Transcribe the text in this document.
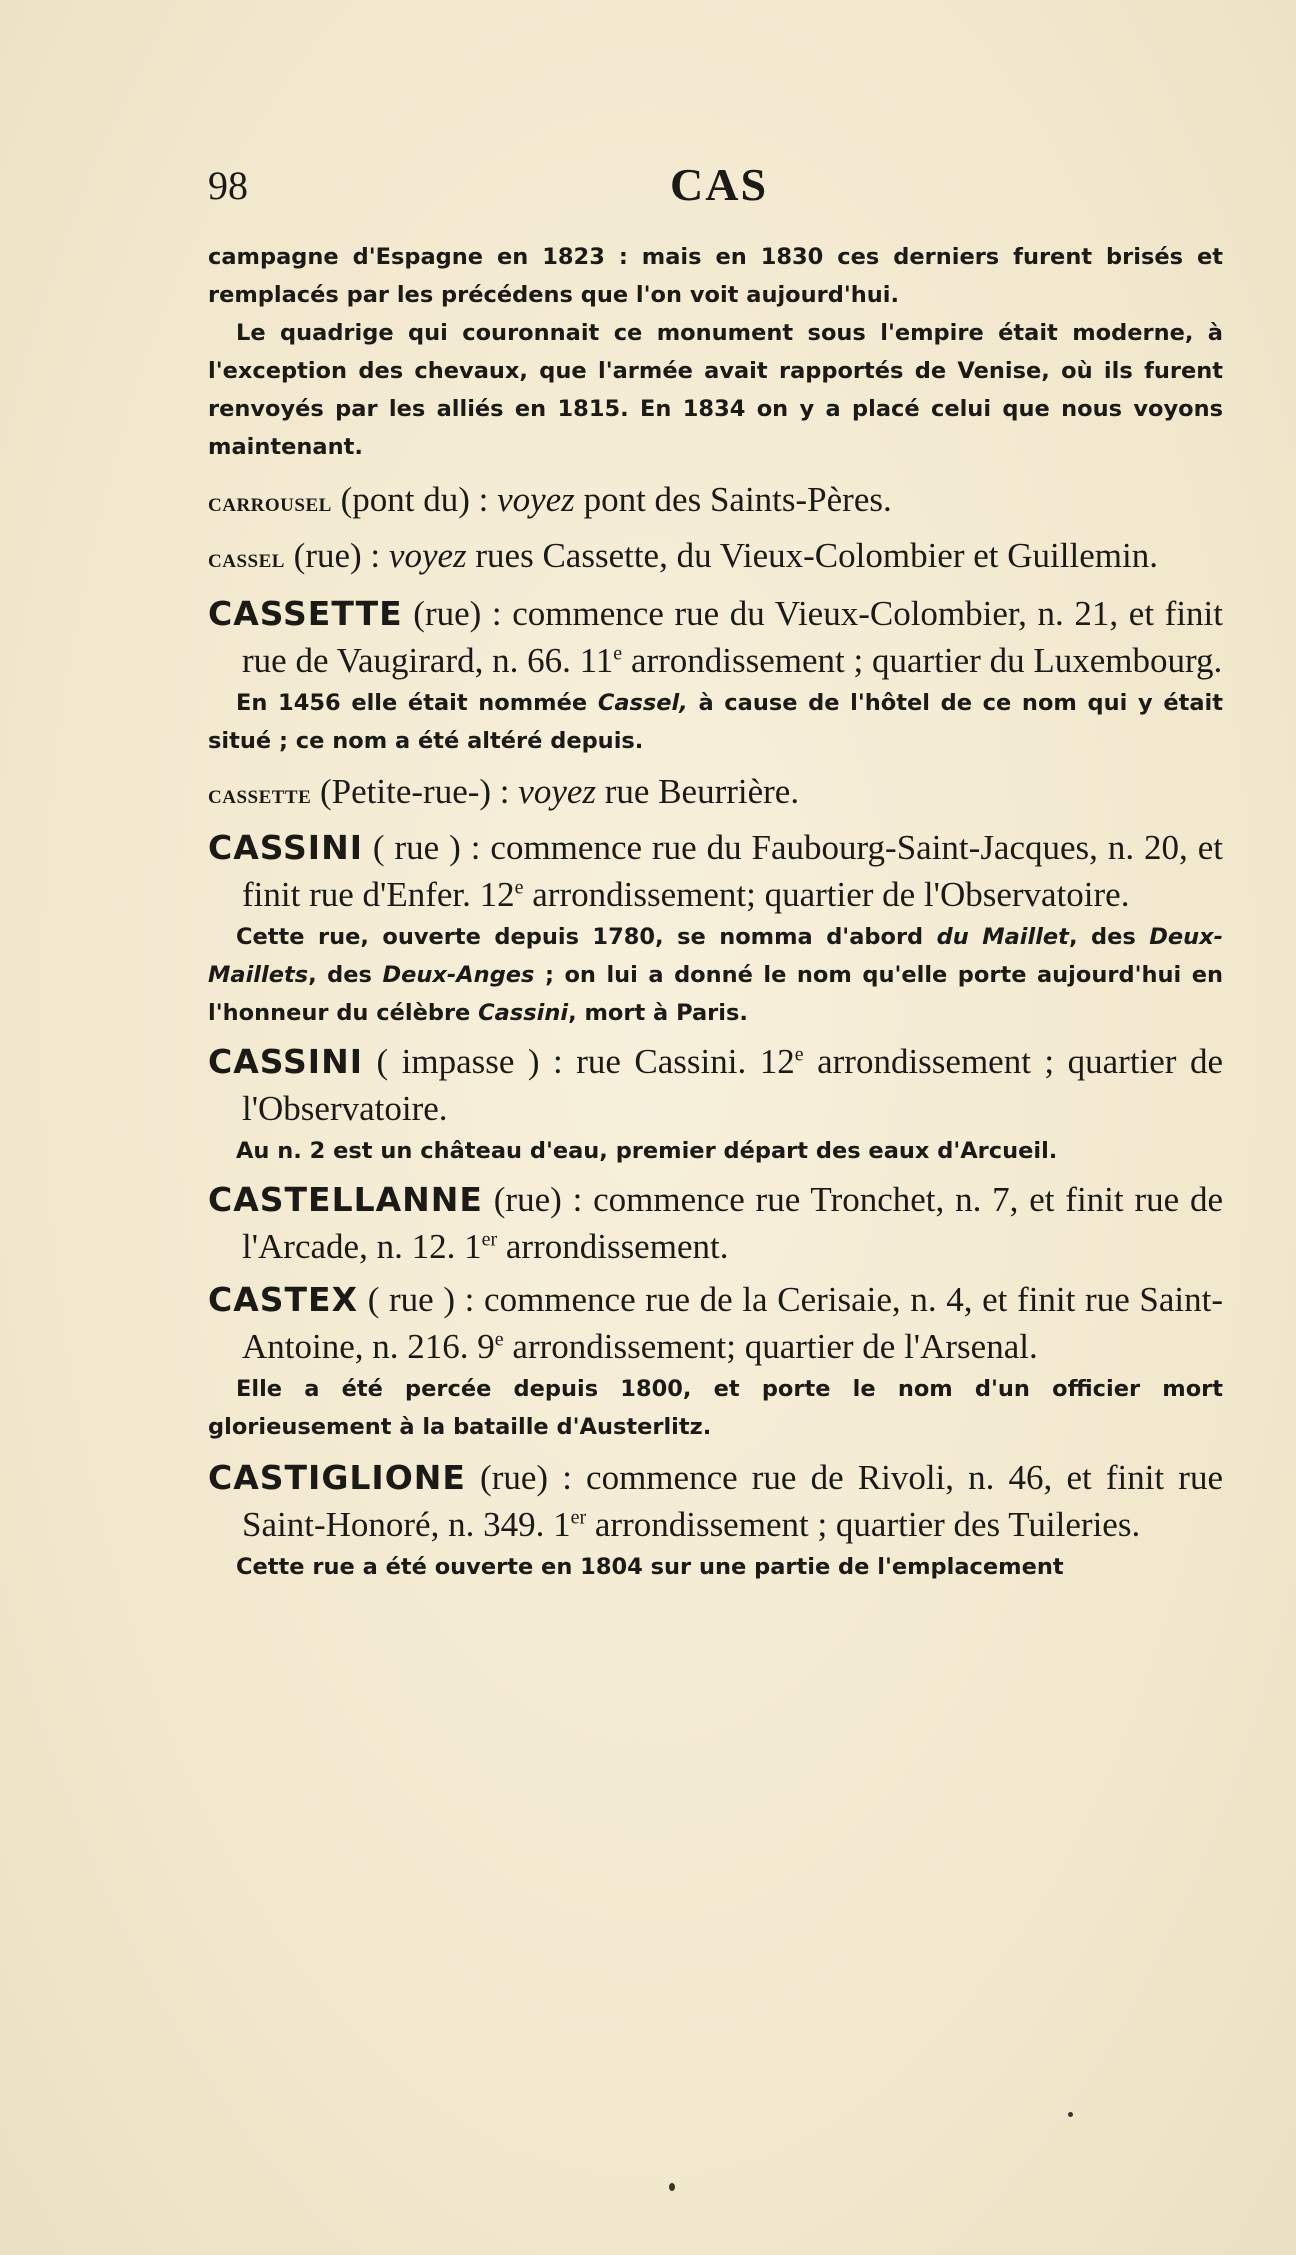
98	CAS

campagne d'Espagne en 1823 : mais en 1830 ces derniers furent brisés et remplacés par les précédens que l'on voit aujourd'hui.

Le quadrige qui couronnait ce monument sous l'empire était moderne, à l'exception des chevaux, que l'armée avait rapportés de Venise, où ils furent renvoyés par les alliés en 1815. En 1834 on y a placé celui que nous voyons maintenant.

carrousel (pont du) : voyez pont des Saints-Pères.

cassel (rue) : voyez rues Cassette, du Vieux-Colombier et Guillemin.

CASSETTE (rue) : commence rue du Vieux-Colombier, n. 21, et finit rue de Vaugirard, n. 66. 11e arrondissement ; quartier du Luxembourg.

En 1456 elle était nommée Cassel, à cause de l'hôtel de ce nom qui y était situé ; ce nom a été altéré depuis.

cassette (Petite-rue-) : voyez rue Beurrière.

CASSINI ( rue ) : commence rue du Faubourg-Saint-Jacques, n. 20, et finit rue d'Enfer. 12e arrondissement; quartier de l'Observatoire.

Cette rue, ouverte depuis 1780, se nomma d'abord du Maillet, des Deux-Maillets, des Deux-Anges ; on lui a donné le nom qu'elle porte aujourd'hui en l'honneur du célèbre Cassini, mort à Paris.

CASSINI ( impasse ) : rue Cassini. 12e arrondissement ; quartier de l'Observatoire.

Au n. 2 est un château d'eau, premier départ des eaux d'Arcueil.

CASTELLANNE (rue) : commence rue Tronchet, n. 7, et finit rue de l'Arcade, n. 12. 1er arrondissement.

CASTEX ( rue ) : commence rue de la Cerisaie, n. 4, et finit rue Saint-Antoine, n. 216. 9e arrondissement; quartier de l'Arsenal.

Elle a été percée depuis 1800, et porte le nom d'un officier mort glorieusement à la bataille d'Austerlitz.

CASTIGLIONE (rue) : commence rue de Rivoli, n. 46, et finit rue Saint-Honoré, n. 349. 1er arrondissement ; quartier des Tuileries.

Cette rue a été ouverte en 1804 sur une partie de l'emplacement
